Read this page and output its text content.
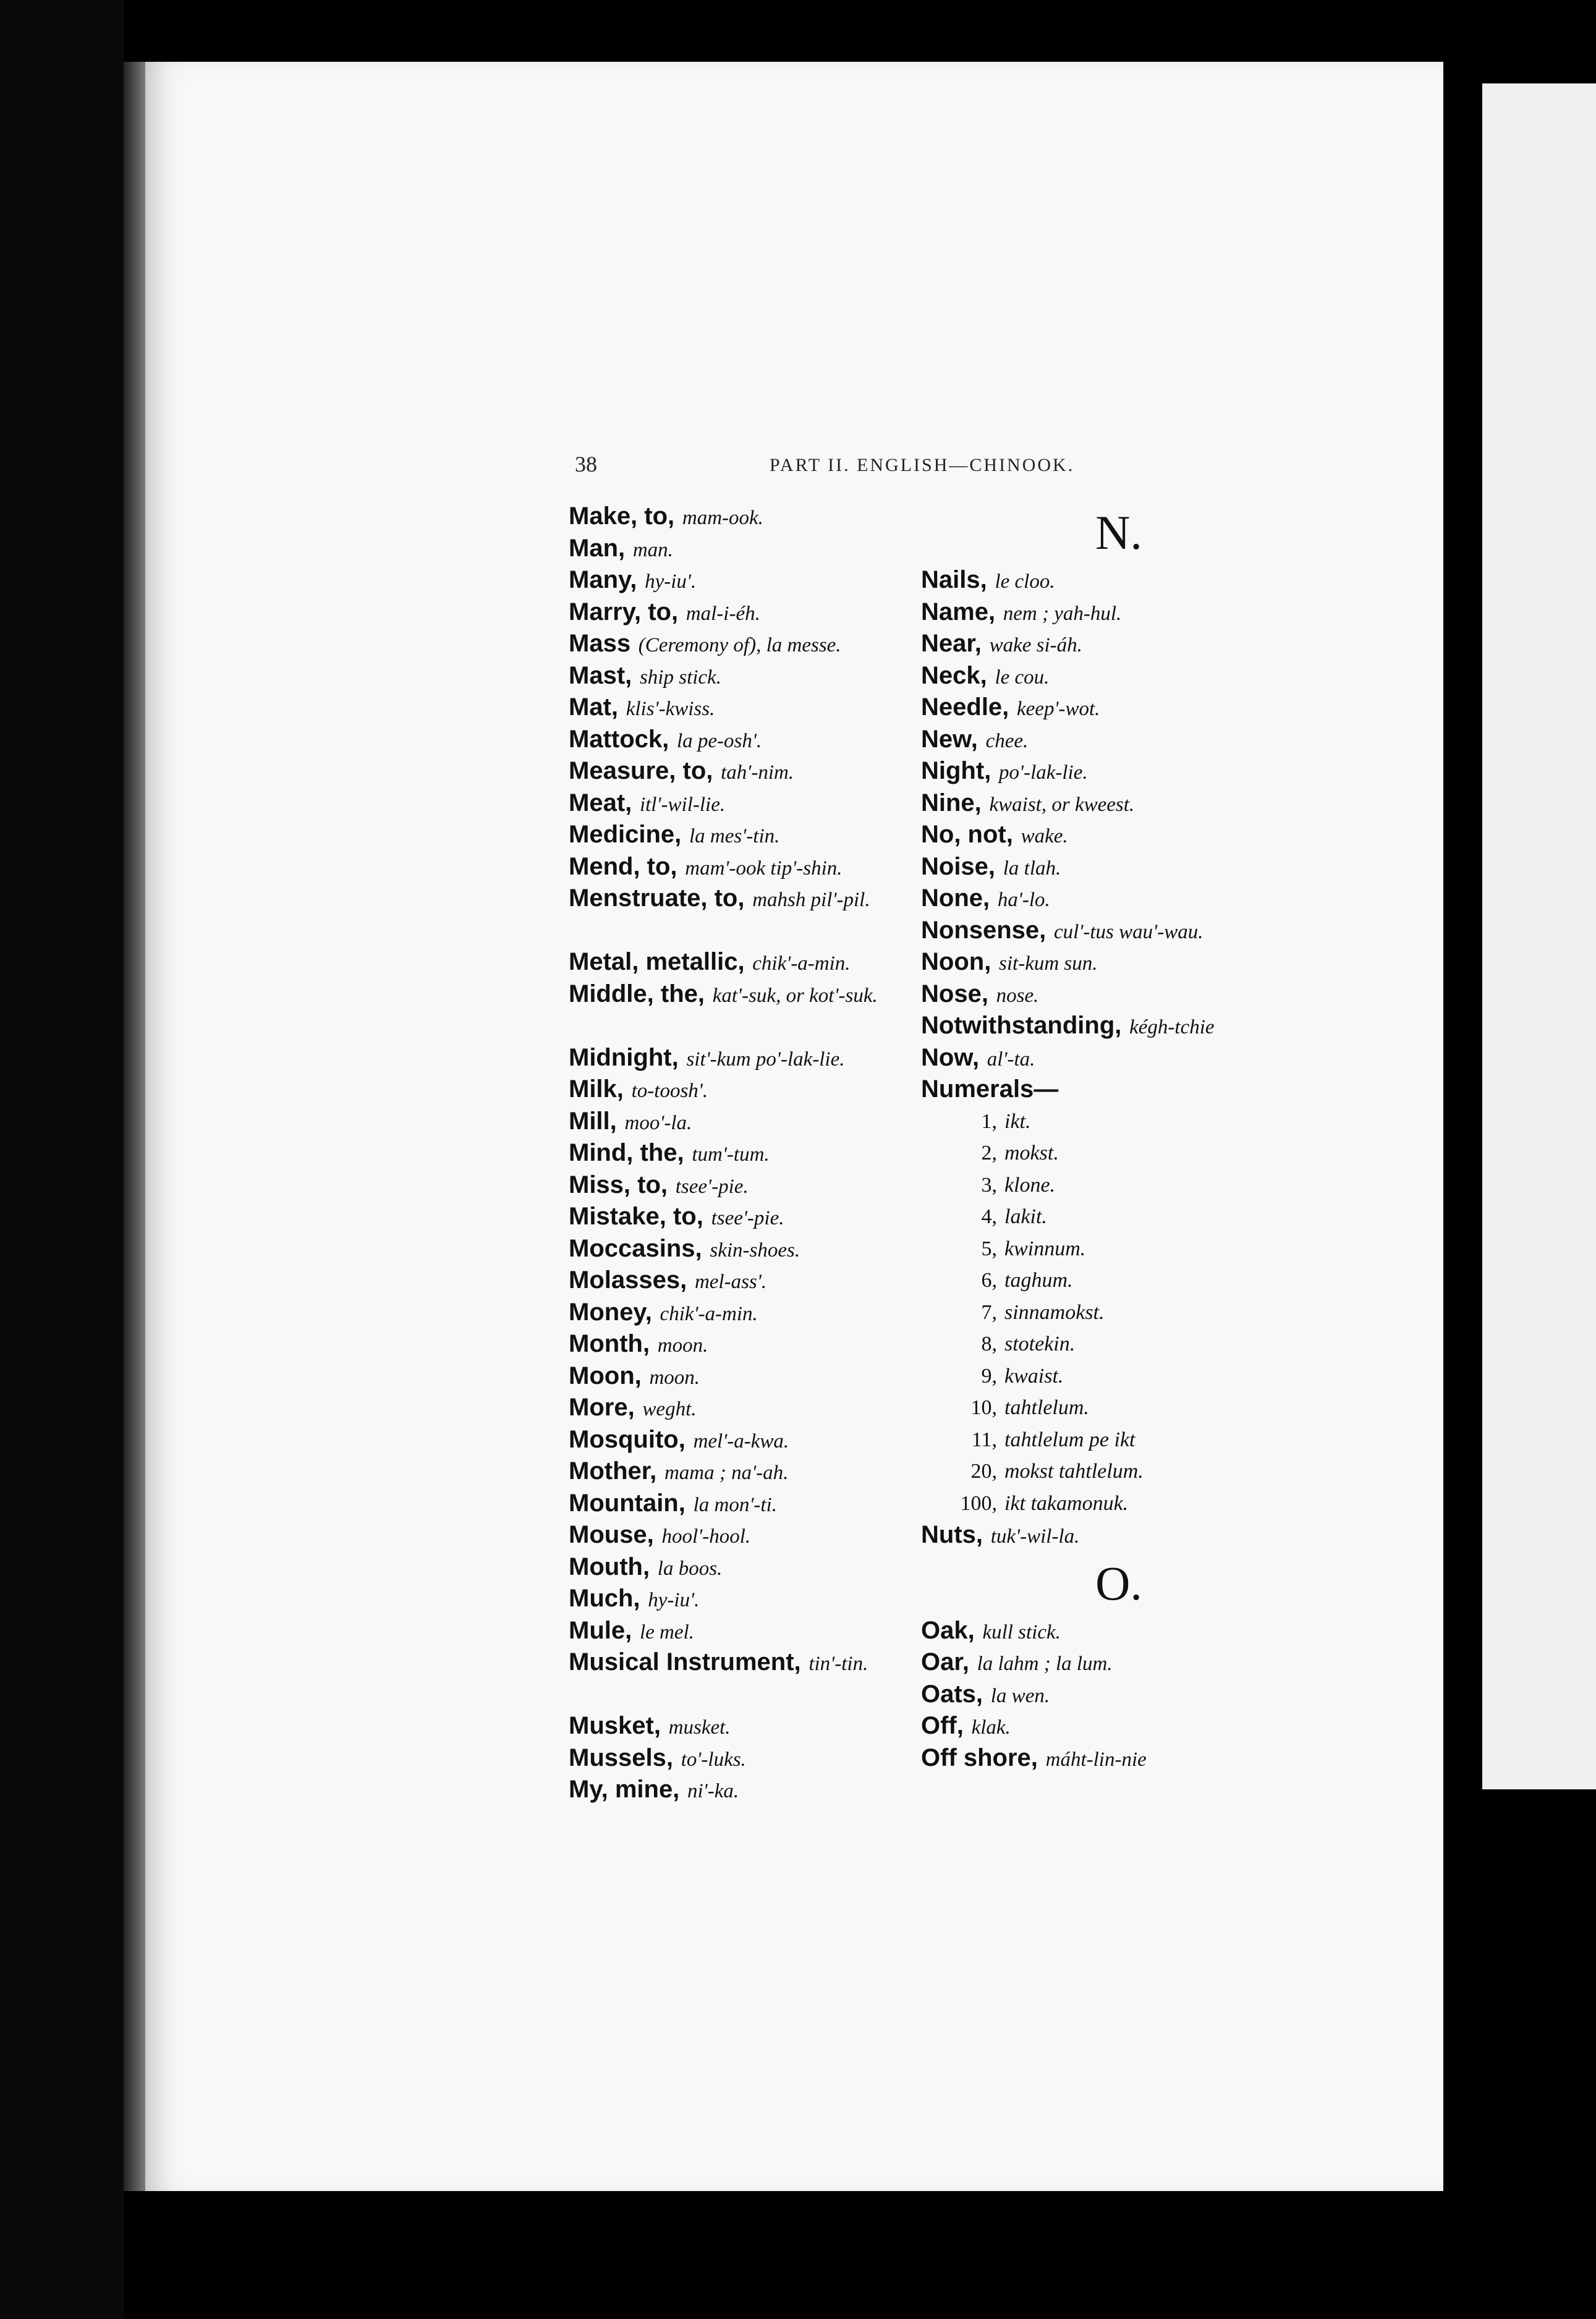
38	PART II. ENGLISH—CHINOOK.
Make, to, mam-ook.
Man, man.
Many, hy-iu'.
Marry, to, mal-i-éh.
Mass (Ceremony of), la messe.
Mast, ship stick.
Mat, klis'-kwiss.
Mattock, la pe-osh'.
Measure, to, tah'-nim.
Meat, itl'-wil-lie.
Medicine, la mes'-tin.
Mend, to, mam'-ook tip'-shin.
Menstruate, to, mahsh pil'-pil.
Metal, metallic, chik'-a-min.
Middle, the, kat'-suk, or kot'-suk.
Midnight, sit'-kum po'-lak-lie.
Milk, to-toosh'.
Mill, moo'-la.
Mind, the, tum'-tum.
Miss, to, tsee'-pie.
Mistake, to, tsee'-pie.
Moccasins, skin-shoes.
Molasses, mel-ass'.
Money, chik'-a-min.
Month, moon.
Moon, moon.
More, weght.
Mosquito, mel'-a-kwa.
Mother, mama ; na'-ah.
Mountain, la mon'-ti.
Mouse, hool'-hool.
Mouth, la boos.
Much, hy-iu'.
Mule, le mel.
Musical Instrument, tin'-tin.
Musket, musket.
Mussels, to'-luks.
My, mine, ni'-ka.
N.
Nails, le cloo.
Name, nem ; yah-hul.
Near, wake si-áh.
Neck, le cou.
Needle, keep'-wot.
New, chee.
Night, po'-lak-lie.
Nine, kwaist, or kweest.
No, not, wake.
Noise, la tlah.
None, ha'-lo.
Nonsense, cul'-tus wau'-wau.
Noon, sit-kum sun.
Nose, nose.
Notwithstanding, kégh-tchie
Now, al'-ta.
Numerals—
1, ikt.
2, mokst.
3, klone.
4, lakit.
5, kwinnum.
6, taghum.
7, sinnamokst.
8, stotekin.
9, kwaist.
10, tahtlelum.
11, tahtlelum pe ikt
20, mokst tahtlelum.
100, ikt takamonuk.
Nuts, tuk'-wil-la.
O.
Oak, kull stick.
Oar, la lahm ; la lum.
Oats, la wen.
Off, klak.
Off shore, máht-lin-nie
